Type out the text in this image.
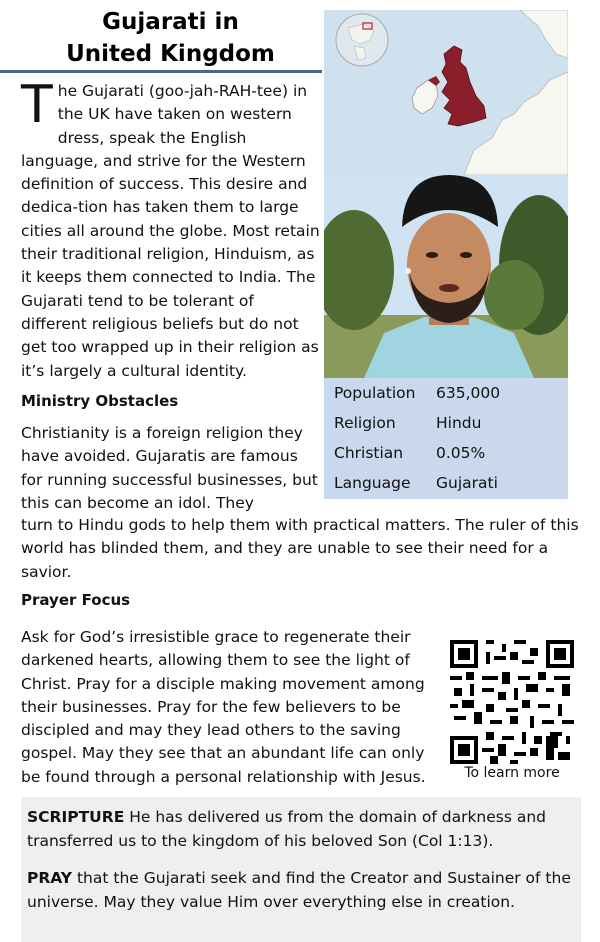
Gujarati in
United Kingdom
Population	635,000
Religion	Hindu
Christian	0.05%
Language	Gujarati

The Gujarati (goo-jah-RAH-tee) in the UK have taken on western dress, speak the English language, and strive for the Western definition of success. This desire and dedica-tion has taken them to large cities all around the globe. Most retain their traditional religion, Hinduism, as it keeps them connected to India. The Gujarati tend to be tolerant of different religious beliefs but do not get too wrapped up in their religion as it’s largely a cultural identity.

Ministry Obstacles

Christianity is a foreign religion they have avoided. Gujaratis are famous for running successful businesses, but this can become an idol. They

turn to Hindu gods to help them with practical matters. The ruler of this world has blinded them, and they are unable to see their need for a savior.

Prayer Focus

Ask for God’s irresistible grace to regenerate their darkened hearts, allowing them to see the light of Christ. Pray for a disciple making movement among their businesses. Pray for the few believers to be discipled and may they lead others to the saving gospel. May they see that an abundant life can only be found through a personal relationship with Jesus.	To learn more

SCRIPTURE He has delivered us from the domain of darkness and transferred us to the kingdom of his beloved Son (Col 1:13).

PRAY that the Gujarati seek and find the Creator and Sustainer of the universe. May they value Him over everything else in creation.
